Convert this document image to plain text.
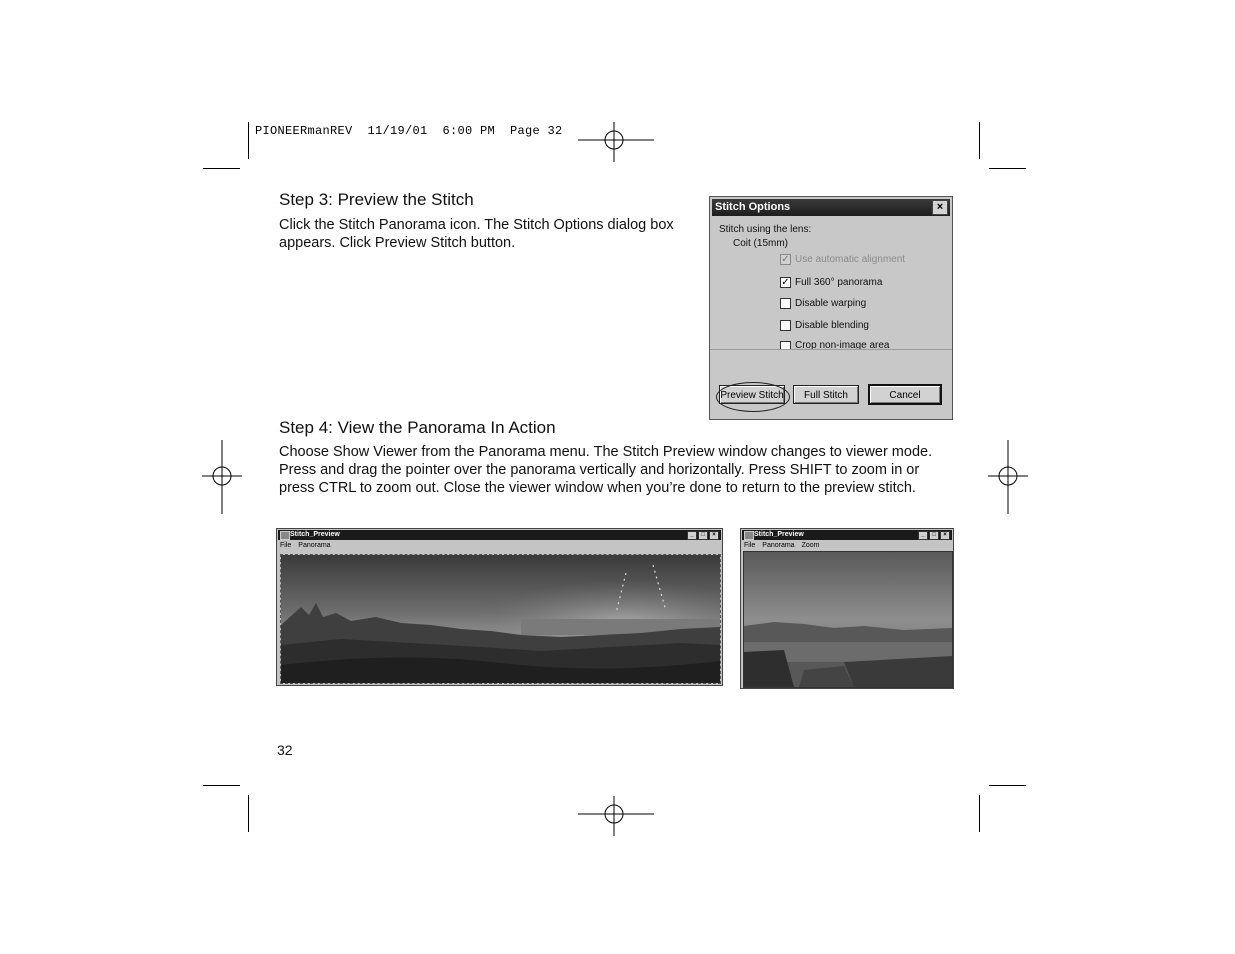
PIONEERmanREV  11/19/01  6:00 PM  Page 32
Step 3: Preview the Stitch
Click the Stitch Panorama icon. The Stitch Options dialog box
appears. Click Preview Stitch button.
Stitch Options	×
Stitch using the lens:
Coit (15mm)
✓ Use automatic alignment
✓ Full 360° panorama
Disable warping
Disable blending
Crop non-image area
Preview Stitch	Full Stitch	Cancel
Step 4: View the Panorama In Action
Choose Show Viewer from the Panorama menu. The Stitch Preview window changes to viewer mode.
Press and drag the pointer over the panorama vertically and horizontally. Press SHIFT to zoom in or
press CTRL to zoom out. Close the viewer window when you’re done to return to the preview stitch.
Stitch_Preview	_	□	×
File Panorama
Stitch_Preview	_	□	×
File Panorama Zoom
32
